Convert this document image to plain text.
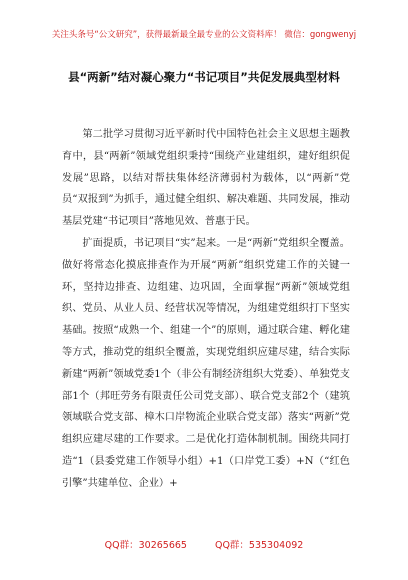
关注头条号“公文研究”，获得最新最全最专业的公文资料库！ 微信：gongwenyj
县“两新”结对凝心聚力“书记项目”共促发展典型材料

第二批学习贯彻习近平新时代中国特色社会主义思想主题教育中，县“两新”领域党组织秉持“围绕产业建组织，建好组织促发展”思路，以结对帮扶集体经济薄弱村为载体，以“两新”党员“双报到”为抓手，通过健全组织、解决难题、共同发展，推动基层党建“书记项目”落地见效、普惠于民。

扩面提质，书记项目“实”起来。一是“两新”党组织全覆盖。做好将常态化摸底排查作为开展“两新”组织党建工作的关键一环，坚持边排查、边组建、边巩固，全面掌握“两新”领域党组织、党员、从业人员、经营状况等情况，为组建党组织打下坚实基础。按照“成熟一个、组建一个”的原则，通过联合建、孵化建等方式，推动党的组织全覆盖，实现党组织应建尽建，结合实际新建“两新”领域党委1个（非公有制经济组织大党委）、单独党支部1个（邦旺劳务有限责任公司党支部）、联合党支部2个（建筑领域联合党支部、樟木口岸物流企业联合党支部）落实“两新”党组织应建尽建的工作要求。二是优化打造体制机制。围绕共同打造“1（县委党建工作领导小组）+1（口岸党工委）+N（“红色引擎”共建单位、企业）+

QQ群：30265665	QQ群：535304092
